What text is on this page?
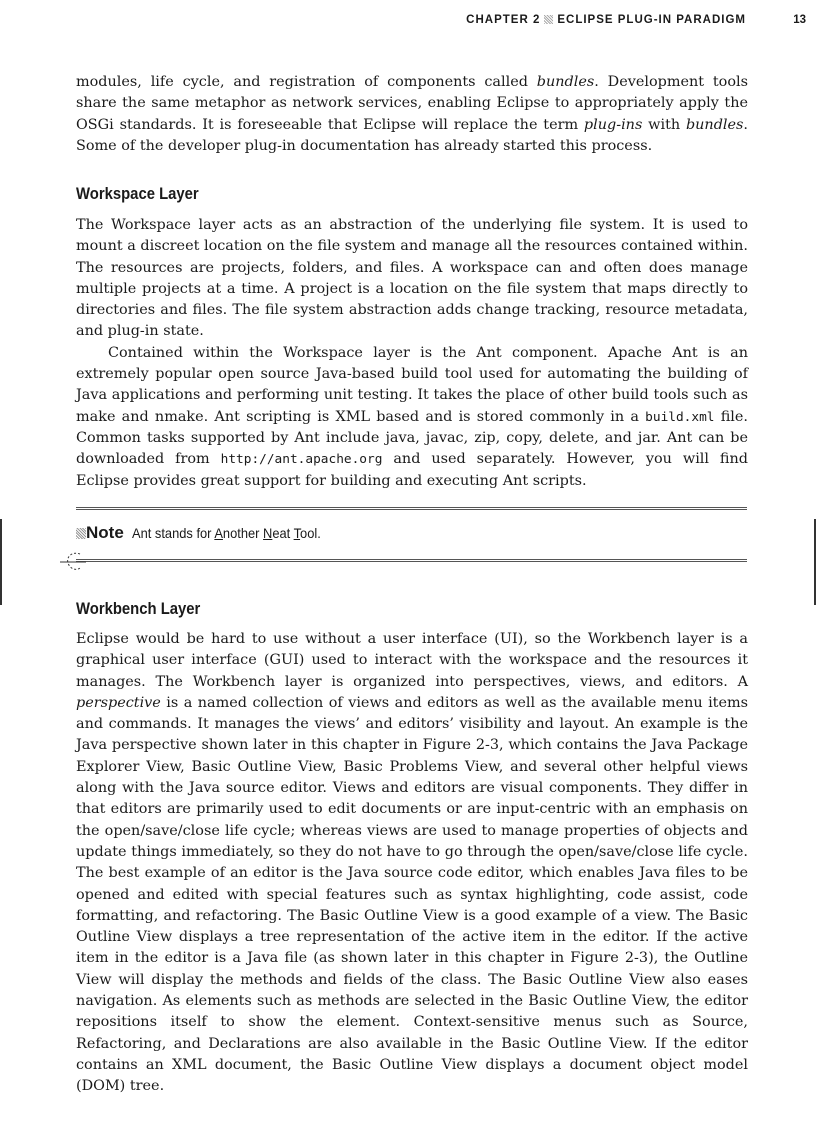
CHAPTER 2 ECLIPSE PLUG-IN PARADIGM	13

modules, life cycle, and registration of components called bundles. Development tools share the same metaphor as network services, enabling Eclipse to appropriately apply the OSGi standards. It is foreseeable that Eclipse will replace the term plug-ins with bundles. Some of the developer plug-in documentation has already started this process.

Workspace Layer

The Workspace layer acts as an abstraction of the underlying file system. It is used to mount a discreet location on the file system and manage all the resources contained within. The resources are projects, folders, and files. A workspace can and often does manage multiple projects at a time. A project is a location on the file system that maps directly to directories and files. The file system abstraction adds change tracking, resource metadata, and plug-in state.

Contained within the Workspace layer is the Ant component. Apache Ant is an extremely popular open source Java-based build tool used for automating the building of Java applications and performing unit testing. It takes the place of other build tools such as make and nmake. Ant scripting is XML based and is stored commonly in a build.xml file. Common tasks supported by Ant include java, javac, zip, copy, delete, and jar. Ant can be downloaded from http://ant.apache.org and used separately. However, you will find Eclipse provides great support for building and executing Ant scripts.

Note Ant stands for Another Neat Tool.
Workbench Layer

Eclipse would be hard to use without a user interface (UI), so the Workbench layer is a graphical user interface (GUI) used to interact with the workspace and the resources it manages. The Workbench layer is organized into perspectives, views, and editors. A perspective is a named collection of views and editors as well as the available menu items and commands. It manages the views’ and editors’ visibility and layout. An example is the Java perspective shown later in this chapter in Figure 2-3, which contains the Java Package Explorer View, Basic Outline View, Basic Problems View, and several other helpful views along with the Java source editor. Views and editors are visual components. They differ in that editors are primarily used to edit documents or are input-centric with an emphasis on the open/save/close life cycle; whereas views are used to manage properties of objects and update things immediately, so they do not have to go through the open/save/close life cycle. The best example of an editor is the Java source code editor, which enables Java files to be opened and edited with special features such as syntax highlighting, code assist, code formatting, and refactoring. The Basic Outline View is a good example of a view. The Basic Outline View displays a tree representation of the active item in the editor. If the active item in the editor is a Java file (as shown later in this chapter in Figure 2-3), the Outline View will display the methods and fields of the class. The Basic Outline View also eases navigation. As elements such as methods are selected in the Basic Outline View, the editor repositions itself to show the element. Context-sensitive menus such as Source, Refactoring, and Declarations are also available in the Basic Outline View. If the editor contains an XML document, the Basic Outline View displays a document object model (DOM) tree.
